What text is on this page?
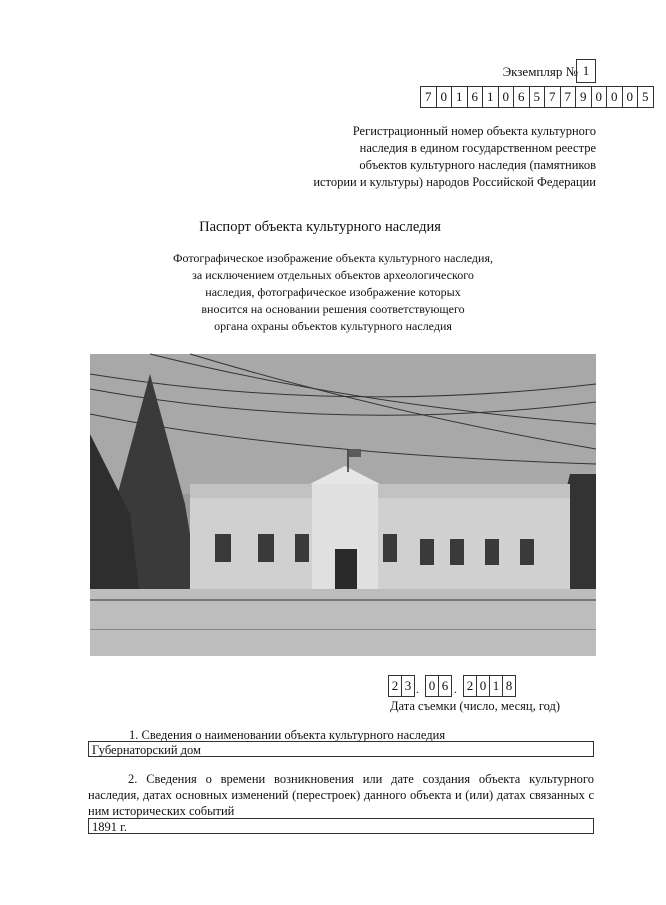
Экземпляр № 1
7 0 1 6 1 0 6 5 7 7 9 0 0 0 5
Регистрационный номер объекта культурного
наследия в едином государственном реестре
объектов культурного наследия (памятников
истории и культуры) народов Российской Федерации
Паспорт объекта культурного наследия
Фотографическое изображение объекта культурного наследия,
за исключением отдельных объектов археологического
наследия, фотографическое изображение которых
вносится на основании решения соответствующего
органа охраны объектов культурного наследия
2 3 . 0 6 . 2 0 1 8
Дата съемки (число, месяц, год)
1. Сведения о наименовании объекта культурного наследия
Губернаторский дом
2. Сведения о времени возникновения или дате создания объекта культурного наследия, датах основных изменений (перестроек) данного объекта и (или) датах связанных с ним исторических событий
1891 г.
